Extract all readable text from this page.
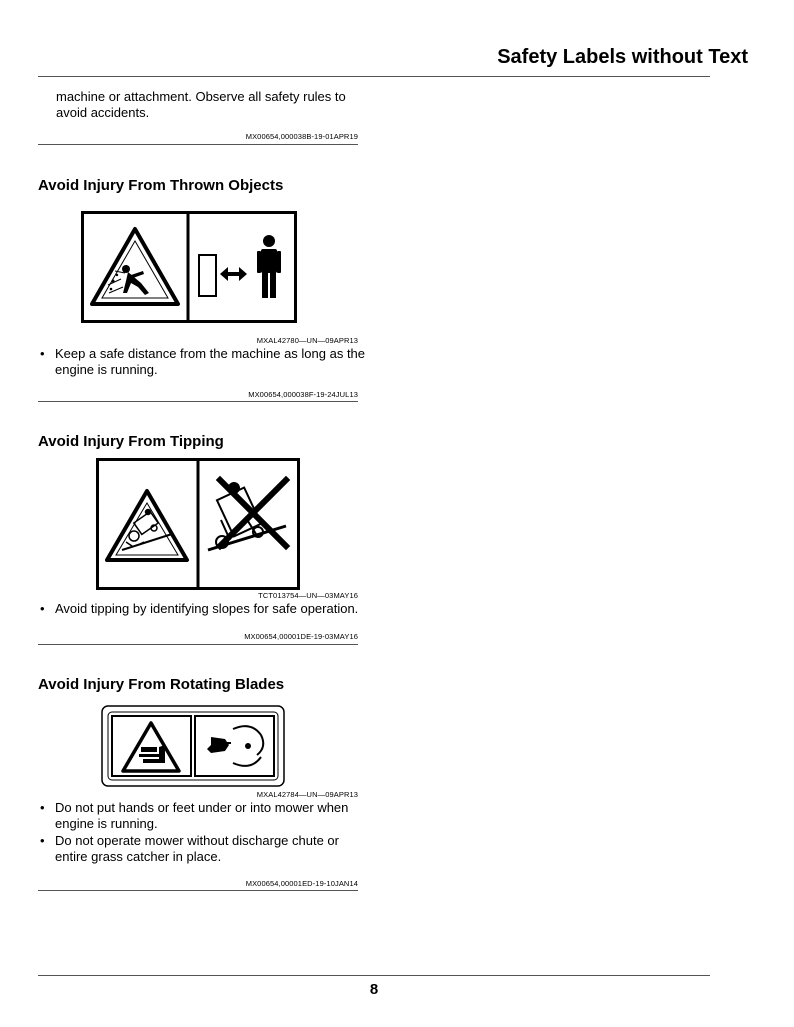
Safety Labels without Text
machine or attachment. Observe all safety rules to avoid accidents.
MX00654,000038B-19-01APR19
Avoid Injury From Thrown Objects
MXAL42780—UN—09APR13
• Keep a safe distance from the machine as long as the engine is running.
MX00654,000038F-19-24JUL13
Avoid Injury From Tipping
TCT013754—UN—03MAY16
• Avoid tipping by identifying slopes for safe operation.
MX00654,00001DE-19-03MAY16
Avoid Injury From Rotating Blades
MXAL42784—UN—09APR13
• Do not put hands or feet under or into mower when engine is running.
• Do not operate mower without discharge chute or entire grass catcher in place.
MX00654,00001ED-19-10JAN14
8
